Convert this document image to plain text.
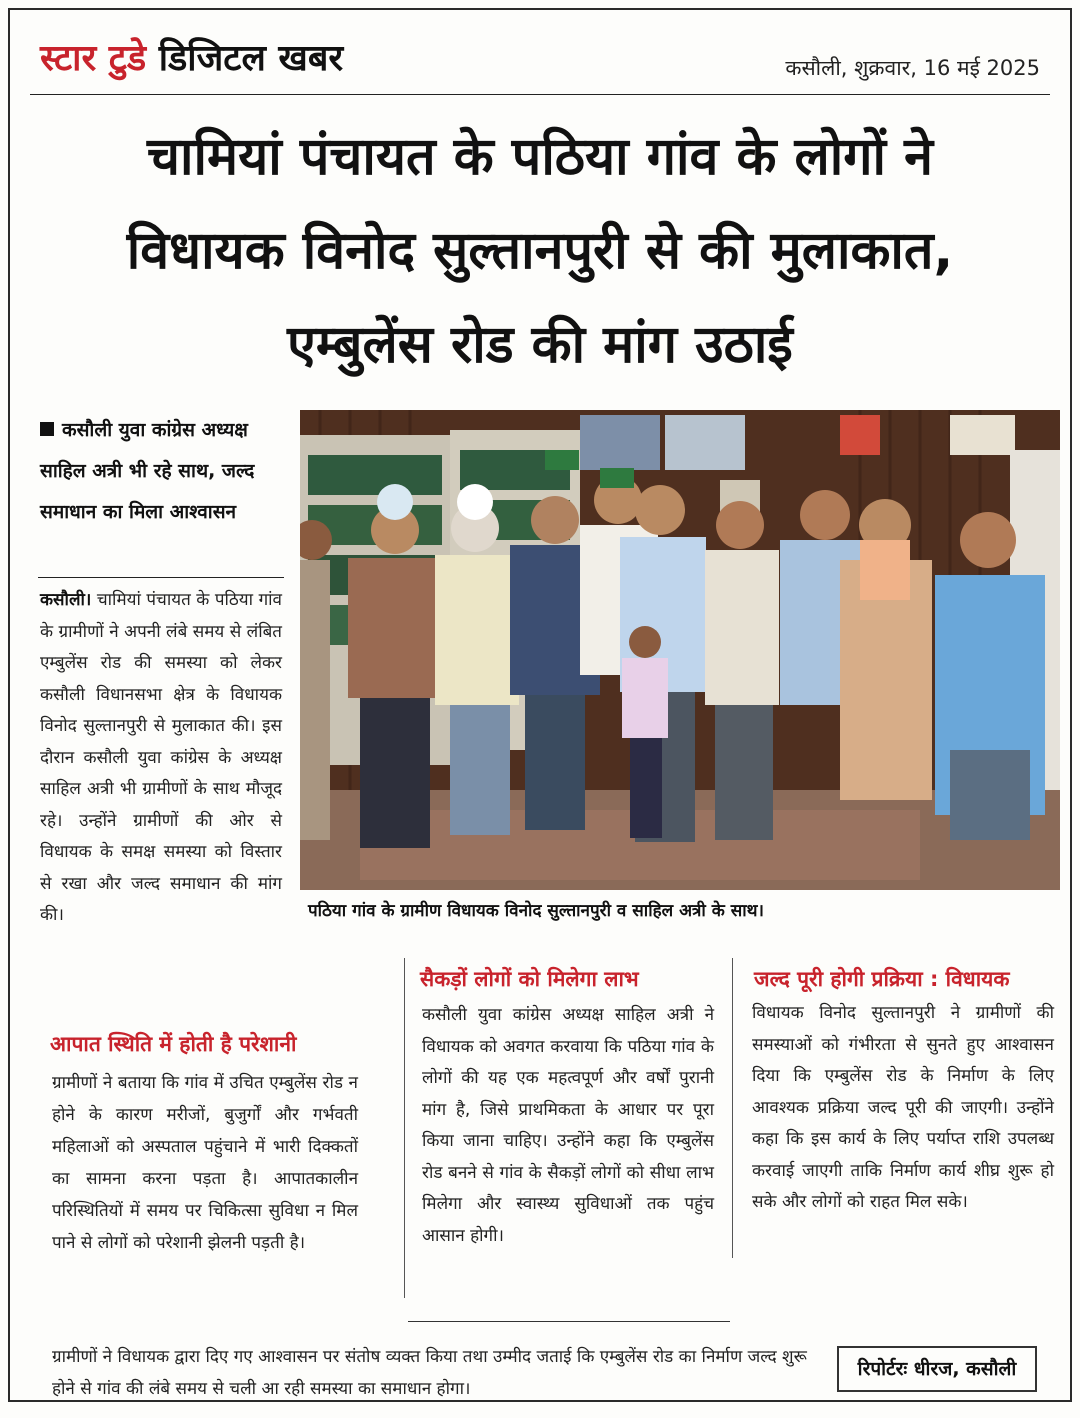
स्टार टुडे डिजिटल खबर	कसौली, शुक्रवार, 16 मई 2025
चामियां पंचायत के पठिया गांव के लोगों ने
विधायक विनोद सुल्तानपुरी से की मुलाकात,
एम्बुलेंस रोड की मांग उठाई
कसौली युवा कांग्रेस अध्यक्ष साहिल अत्री भी रहे साथ, जल्द समाधान का मिला आश्वासन
कसौली। चामियां पंचायत के पठिया गांव के ग्रामीणों ने अपनी लंबे समय से लंबित एम्बुलेंस रोड की समस्या को लेकर कसौली विधानसभा क्षेत्र के विधायक विनोद सुल्तानपुरी से मुलाकात की। इस दौरान कसौली युवा कांग्रेस के अध्यक्ष साहिल अत्री भी ग्रामीणों के साथ मौजूद रहे। उन्होंने ग्रामीणों की ओर से विधायक के समक्ष समस्या को विस्तार से रखा और जल्द समाधान की मांग की।	पठिया गांव के ग्रामीण विधायक विनोद सुल्तानपुरी व साहिल अत्री के साथ।
सैकड़ों लोगों को मिलेगा लाभ
कसौली युवा कांग्रेस अध्यक्ष साहिल अत्री ने विधायक को अवगत करवाया कि पठिया गांव के लोगों की यह एक महत्वपूर्ण और वर्षों पुरानी मांग है, जिसे प्राथमिकता के आधार पर पूरा किया जाना चाहिए। उन्होंने कहा कि एम्बुलेंस रोड बनने से गांव के सैकड़ों लोगों को सीधा लाभ मिलेगा और स्वास्थ्य सुविधाओं तक पहुंच आसान होगी।
जल्द पूरी होगी प्रक्रिया : विधायक
विधायक विनोद सुल्तानपुरी ने ग्रामीणों की समस्याओं को गंभीरता से सुनते हुए आश्वासन दिया कि एम्बुलेंस रोड के निर्माण के लिए आवश्यक प्रक्रिया जल्द पूरी की जाएगी। उन्होंने कहा कि इस कार्य के लिए पर्याप्त राशि उपलब्ध करवाई जाएगी ताकि निर्माण कार्य शीघ्र शुरू हो सके और लोगों को राहत मिल सके।
आपात स्थिति में होती है परेशानी
ग्रामीणों ने बताया कि गांव में उचित एम्बुलेंस रोड न होने के कारण मरीजों, बुजुर्गों और गर्भवती महिलाओं को अस्पताल पहुंचाने में भारी दिक्कतों का सामना करना पड़ता है। आपातकालीन परिस्थितियों में समय पर चिकित्सा सुविधा न मिल पाने से लोगों को परेशानी झेलनी पड़ती है।
ग्रामीणों ने विधायक द्वारा दिए गए आश्वासन पर संतोष व्यक्त किया तथा उम्मीद जताई कि एम्बुलेंस रोड का निर्माण जल्द शुरू होने से गांव की लंबे समय से चली आ रही समस्या का समाधान होगा।
रिपोर्टरः धीरज, कसौली
